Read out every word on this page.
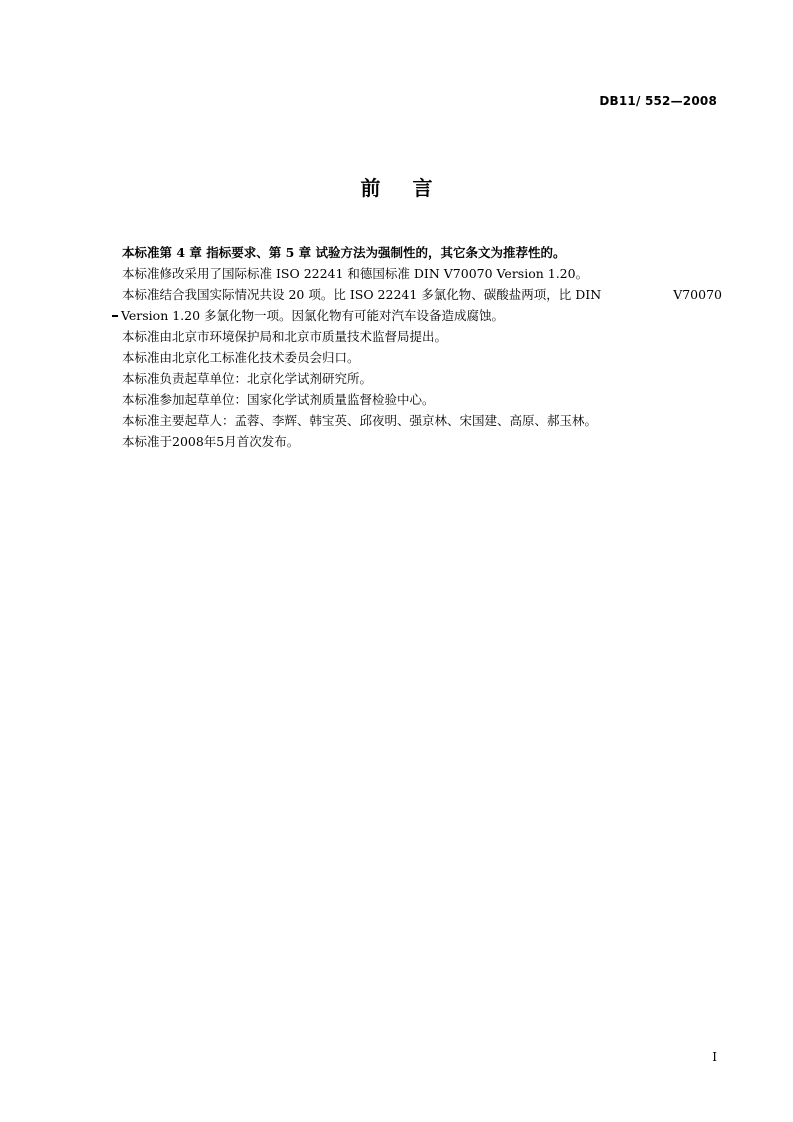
DB11/ 552—2008
前言
本标准第 4 章 指标要求、第 5 章 试验方法为强制性的，其它条文为推荐性的。
本标准修改采用了国际标准 ISO 22241 和德国标准 DIN V70070 Version 1.20。
本标准结合我国实际情况共设 20 项。比 ISO 22241 多氯化物、碳酸盐两项，比 DIN	V70070
Version 1.20 多氯化物一项。因氯化物有可能对汽车设备造成腐蚀。
本标准由北京市环境保护局和北京市质量技术监督局提出。
本标准由北京化工标准化技术委员会归口。
本标准负责起草单位：北京化学试剂研究所。
本标准参加起草单位：国家化学试剂质量监督检验中心。
本标准主要起草人：孟蓉、李辉、韩宝英、邱夜明、强京林、宋国建、高原、郝玉林。
本标准于2008年5月首次发布。
I
